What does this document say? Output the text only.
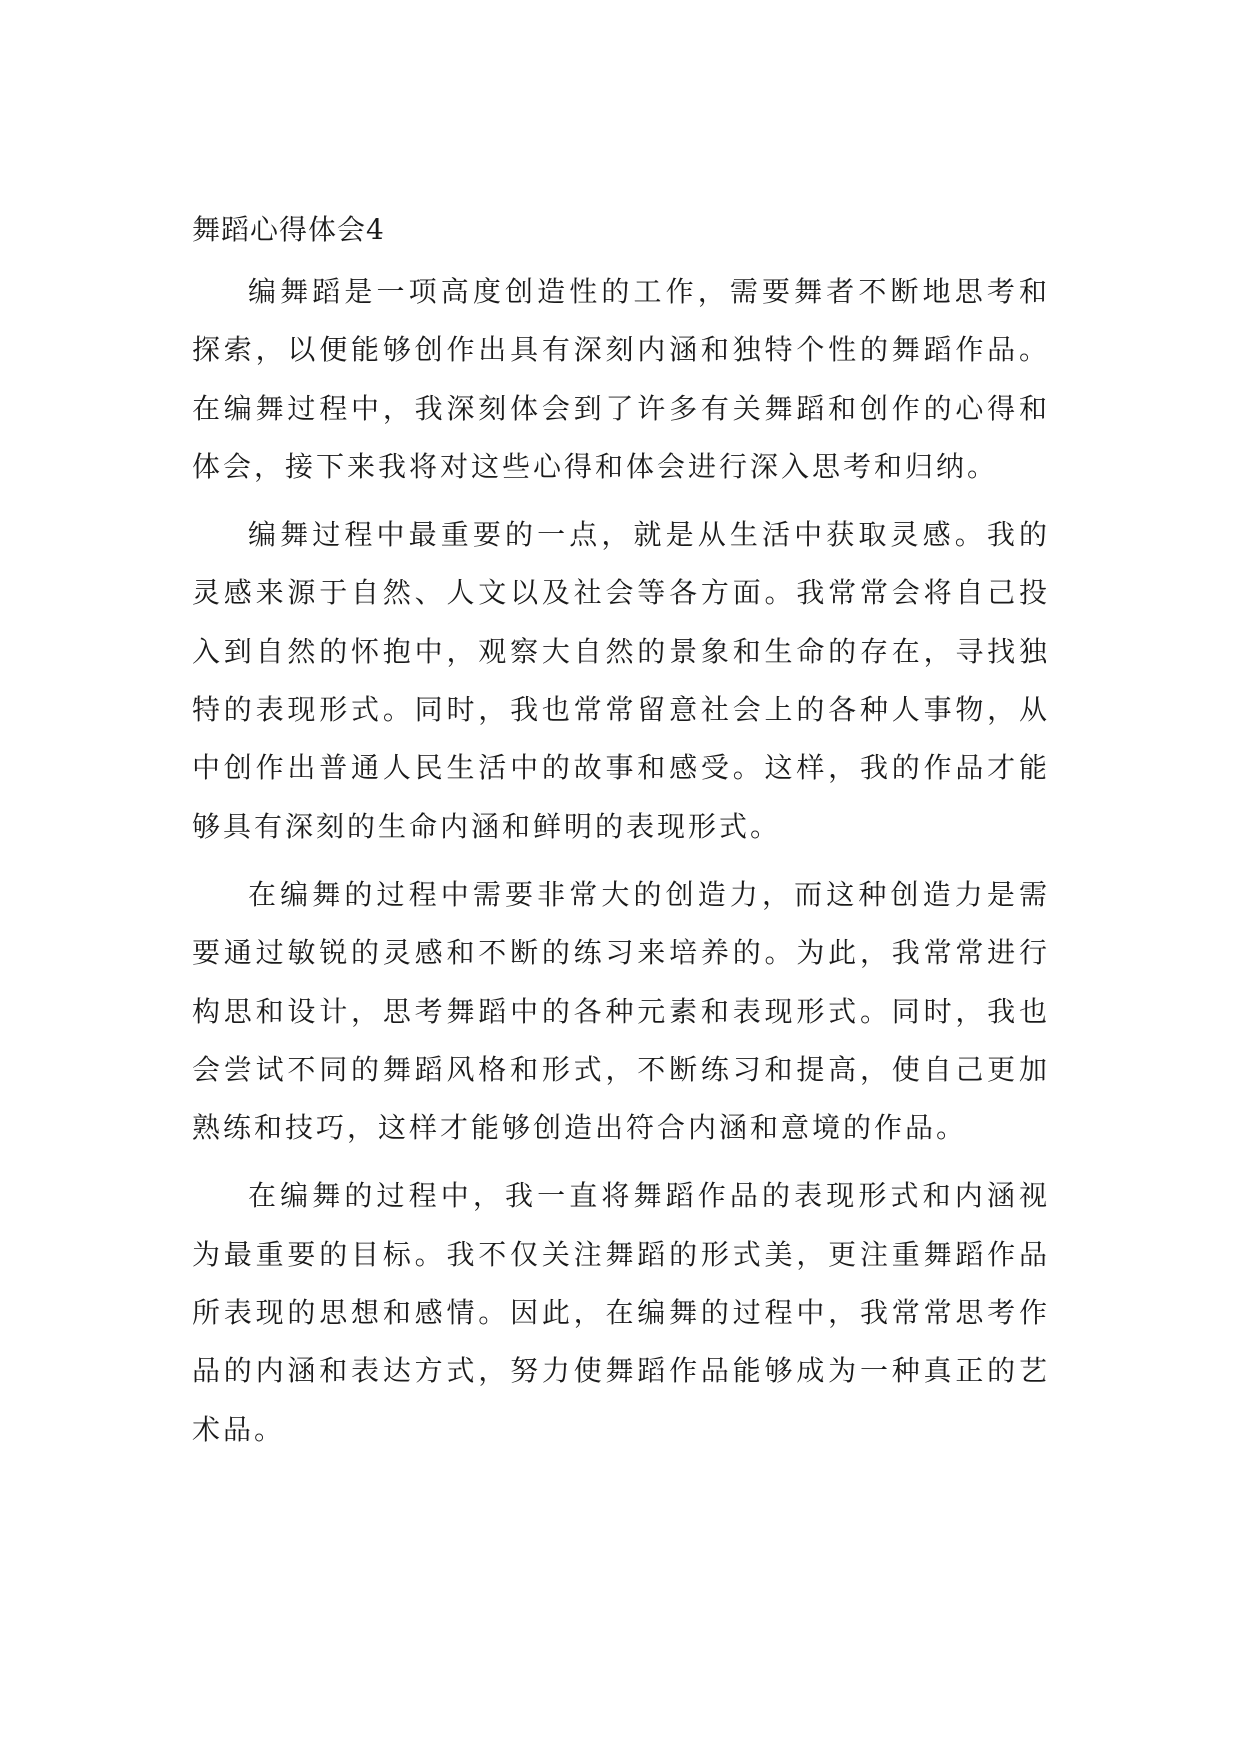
舞蹈心得体会4

编舞蹈是一项高度创造性的工作，需要舞者不断地思考和探索，以便能够创作出具有深刻内涵和独特个性的舞蹈作品。在编舞过程中，我深刻体会到了许多有关舞蹈和创作的心得和体会，接下来我将对这些心得和体会进行深入思考和归纳。

编舞过程中最重要的一点，就是从生活中获取灵感。我的灵感来源于自然、人文以及社会等各方面。我常常会将自己投入到自然的怀抱中，观察大自然的景象和生命的存在，寻找独特的表现形式。同时，我也常常留意社会上的各种人事物，从中创作出普通人民生活中的故事和感受。这样，我的作品才能够具有深刻的生命内涵和鲜明的表现形式。

在编舞的过程中需要非常大的创造力，而这种创造力是需要通过敏锐的灵感和不断的练习来培养的。为此，我常常进行构思和设计，思考舞蹈中的各种元素和表现形式。同时，我也会尝试不同的舞蹈风格和形式，不断练习和提高，使自己更加熟练和技巧，这样才能够创造出符合内涵和意境的作品。

在编舞的过程中，我一直将舞蹈作品的表现形式和内涵视为最重要的目标。我不仅关注舞蹈的形式美，更注重舞蹈作品所表现的思想和感情。因此，在编舞的过程中，我常常思考作品的内涵和表达方式，努力使舞蹈作品能够成为一种真正的艺术品。
